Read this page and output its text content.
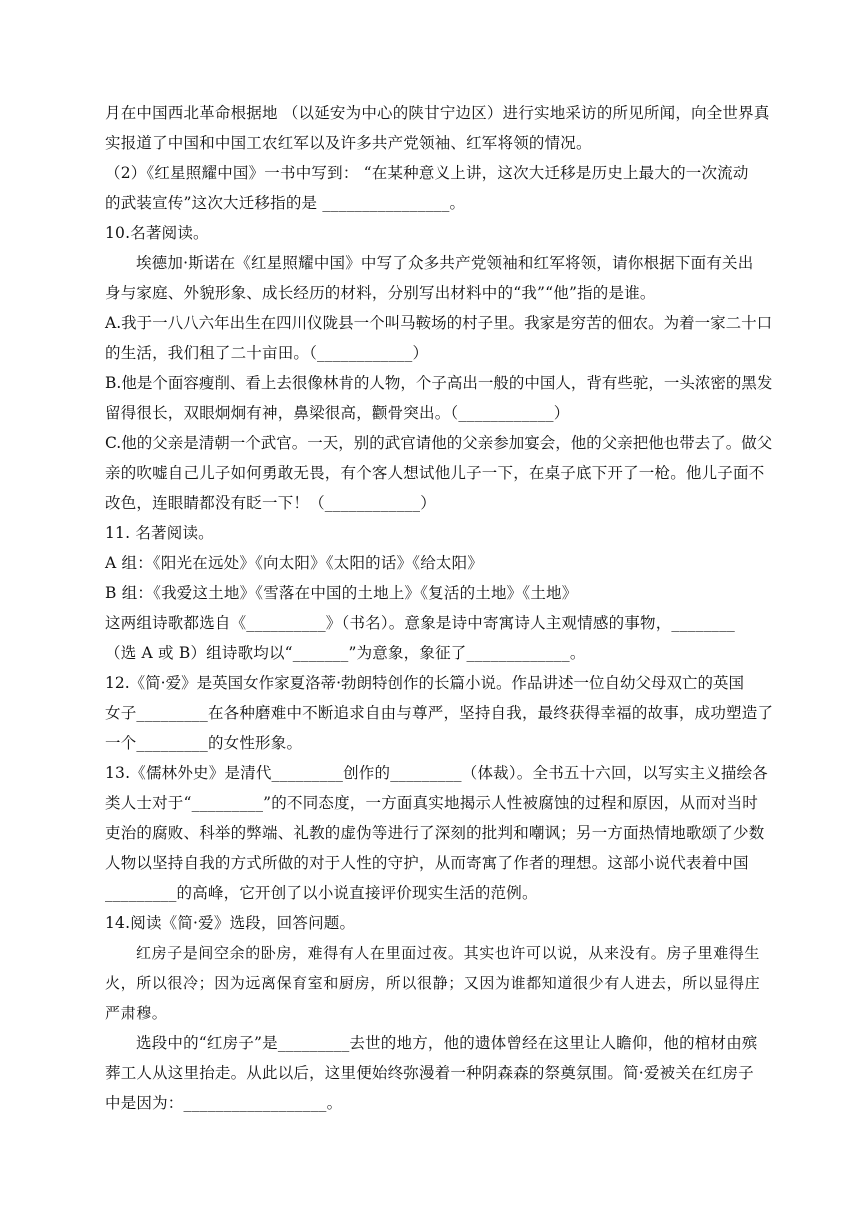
月在中国西北革命根据地 （以延安为中心的陕甘宁边区）进行实地采访的所见所闻，向全世界真
实报道了中国和中国工农红军以及许多共产党领袖、红军将领的情况。
（2）《红星照耀中国》一书中写到： “在某种意义上讲，这次大迁移是历史上最大的一次流动
的武装宣传”这次大迁移指的是 ________________。
10.名著阅读。
埃德加·斯诺在《红星照耀中国》中写了众多共产党领袖和红军将领，请你根据下面有关出
身与家庭、外貌形象、成长经历的材料，分别写出材料中的“我”“他”指的是谁。
A.我于一八八六年出生在四川仪陇县一个叫马鞍场的村子里。我家是穷苦的佃农。为着一家二十口
的生活，我们租了二十亩田。（____________）
B.他是个面容瘦削、看上去很像林肯的人物，个子高出一般的中国人，背有些驼，一头浓密的黑发
留得很长，双眼炯炯有神，鼻梁很高，颧骨突出。（____________）
C.他的父亲是清朝一个武官。一天，别的武官请他的父亲参加宴会，他的父亲把他也带去了。做父
亲的吹嘘自己儿子如何勇敢无畏，有个客人想试他儿子一下，在桌子底下开了一枪。他儿子面不
改色，连眼睛都没有眨一下！（____________）
11. 名著阅读。
A 组：《阳光在远处》《向太阳》《太阳的话》《给太阳》
B 组：《我爱这土地》《雪落在中国的土地上》《复活的土地》《土地》
这两组诗歌都选自《__________》（书名）。意象是诗中寄寓诗人主观情感的事物，________
（选 A 或 B）组诗歌均以“_______”为意象，象征了_____________。
12.《简·爱》是英国女作家夏洛蒂·勃朗特创作的长篇小说。作品讲述一位自幼父母双亡的英国
女子_________在各种磨难中不断追求自由与尊严，坚持自我，最终获得幸福的故事，成功塑造了
一个_________的女性形象。
13.《儒林外史》是清代_________创作的_________（体裁）。全书五十六回，以写实主义描绘各
类人士对于“_________”的不同态度，一方面真实地揭示人性被腐蚀的过程和原因，从而对当时
吏治的腐败、科举的弊端、礼教的虚伪等进行了深刻的批判和嘲讽；另一方面热情地歌颂了少数
人物以坚持自我的方式所做的对于人性的守护，从而寄寓了作者的理想。这部小说代表着中国
_________的高峰，它开创了以小说直接评价现实生活的范例。
14.阅读《简·爱》选段，回答问题。
红房子是间空余的卧房，难得有人在里面过夜。其实也许可以说，从来没有。房子里难得生
火，所以很冷；因为远离保育室和厨房，所以很静；又因为谁都知道很少有人进去，所以显得庄
严肃穆。
选段中的“红房子”是_________去世的地方，他的遗体曾经在这里让人瞻仰，他的棺材由殡
葬工人从这里抬走。从此以后，这里便始终弥漫着一种阴森森的祭奠氛围。简·爱被关在红房子
中是因为：__________________。
